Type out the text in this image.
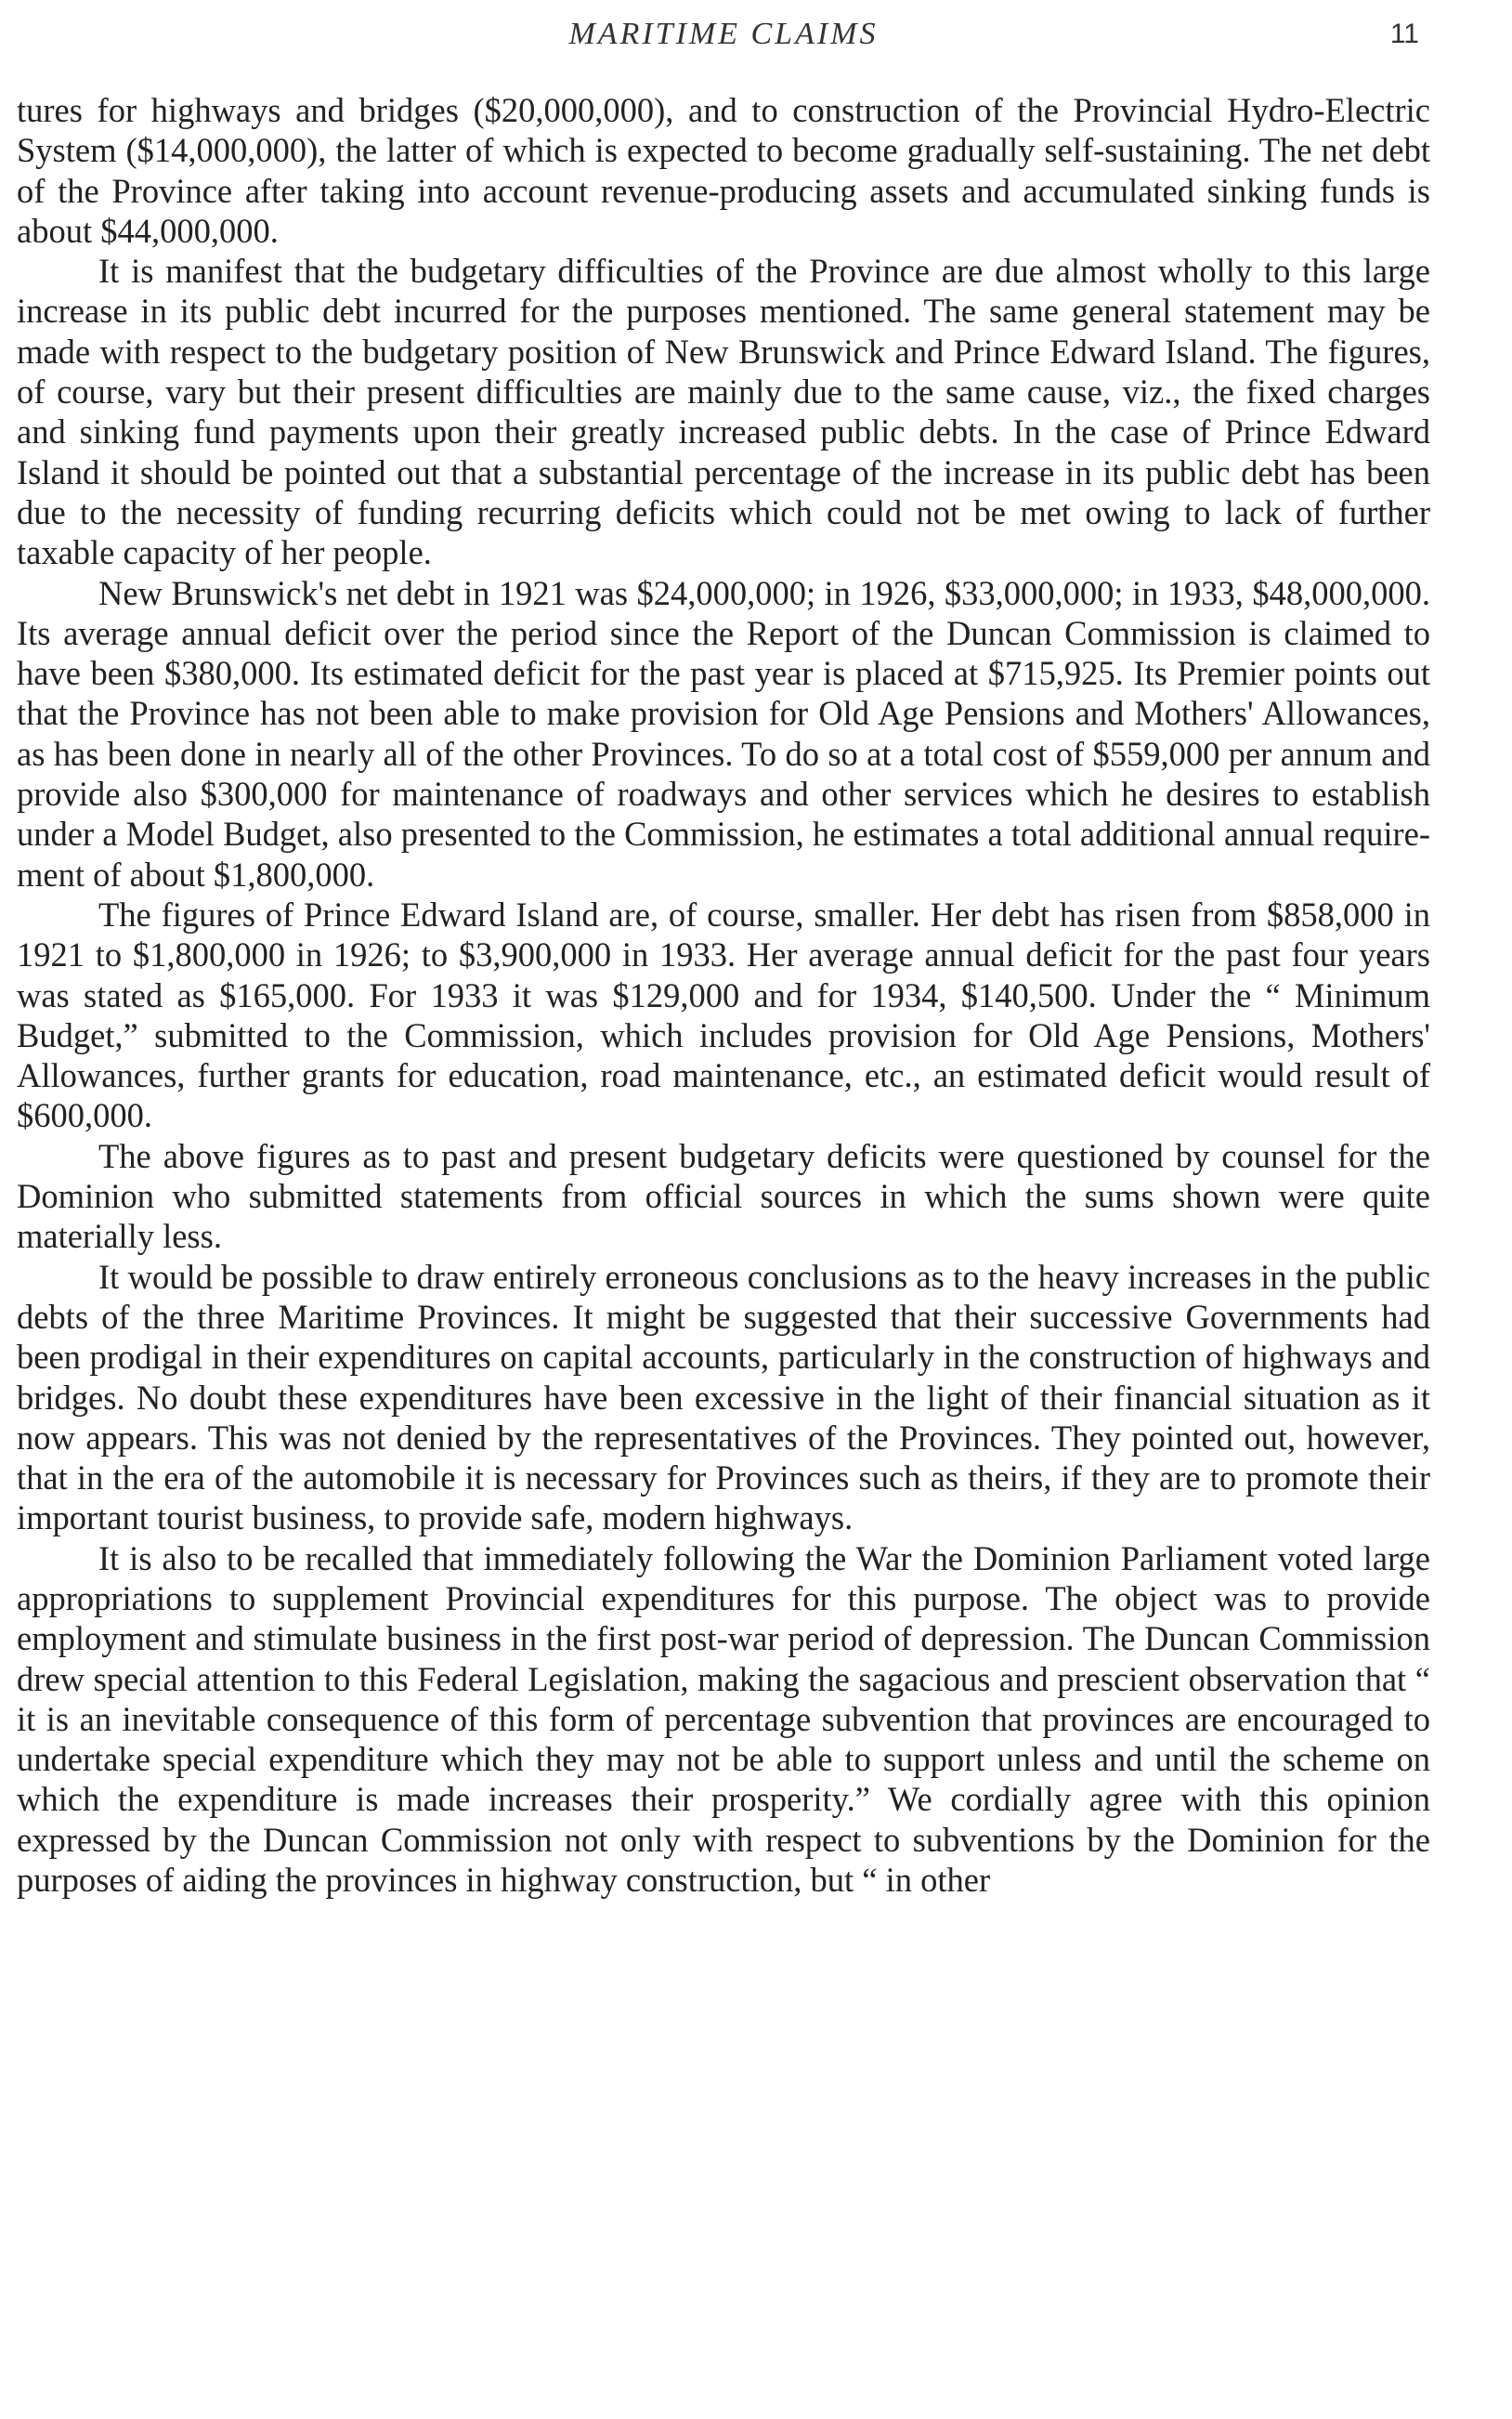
MARITIME CLAIMS	11

tures for highways and bridges ($20,000,000), and to construction of the Provincial Hydro-Electric System ($14,000,000), the latter of which is expected to become gradually self-sustaining. The net debt of the Province after taking into account revenue-producing assets and accumulated sinking funds is about $44,000,000.

It is manifest that the budgetary difficulties of the Province are due almost wholly to this large increase in its public debt incurred for the purposes mentioned. The same general statement may be made with respect to the budgetary position of New Brunswick and Prince Edward Island. The figures, of course, vary but their present difficulties are mainly due to the same cause, viz., the fixed charges and sinking fund payments upon their greatly increased public debts. In the case of Prince Edward Island it should be pointed out that a substantial percentage of the increase in its public debt has been due to the necessity of funding recurring deficits which could not be met owing to lack of further taxable capacity of her people.

New Brunswick's net debt in 1921 was $24,000,000; in 1926, $33,000,000; in 1933, $48,000,000. Its average annual deficit over the period since the Report of the Duncan Commission is claimed to have been $380,000. Its estimated deficit for the past year is placed at $715,925. Its Premier points out that the Province has not been able to make provision for Old Age Pensions and Mothers' Allowances, as has been done in nearly all of the other Provinces. To do so at a total cost of $559,000 per annum and provide also $300,000 for maintenance of roadways and other services which he desires to establish under a Model Budget, also presented to the Commission, he estimates a total additional annual requirement of about $1,800,000.

The figures of Prince Edward Island are, of course, smaller. Her debt has risen from $858,000 in 1921 to $1,800,000 in 1926; to $3,900,000 in 1933. Her average annual deficit for the past four years was stated as $165,000. For 1933 it was $129,000 and for 1934, $140,500. Under the “ Minimum Budget,” submitted to the Commission, which includes provision for Old Age Pensions, Mothers' Allowances, further grants for education, road maintenance, etc., an estimated deficit would result of $600,000.

The above figures as to past and present budgetary deficits were questioned by counsel for the Dominion who submitted statements from official sources in which the sums shown were quite materially less.

It would be possible to draw entirely erroneous conclusions as to the heavy increases in the public debts of the three Maritime Provinces. It might be suggested that their successive Governments had been prodigal in their expenditures on capital accounts, particularly in the construction of highways and bridges. No doubt these expenditures have been excessive in the light of their financial situation as it now appears. This was not denied by the representatives of the Provinces. They pointed out, however, that in the era of the automobile it is necessary for Provinces such as theirs, if they are to promote their important tourist business, to provide safe, modern highways.

It is also to be recalled that immediately following the War the Dominion Parliament voted large appropriations to supplement Provincial expenditures for this purpose. The object was to provide employment and stimulate business in the first post-war period of depression. The Duncan Commission drew special attention to this Federal Legislation, making the sagacious and prescient observation that “ it is an inevitable consequence of this form of percentage subvention that provinces are encouraged to undertake special expenditure which they may not be able to support unless and until the scheme on which the expenditure is made increases their prosperity.” We cordially agree with this opinion expressed by the Duncan Commission not only with respect to subventions by the Dominion for the purposes of aiding the provinces in highway construction, but “ in other
